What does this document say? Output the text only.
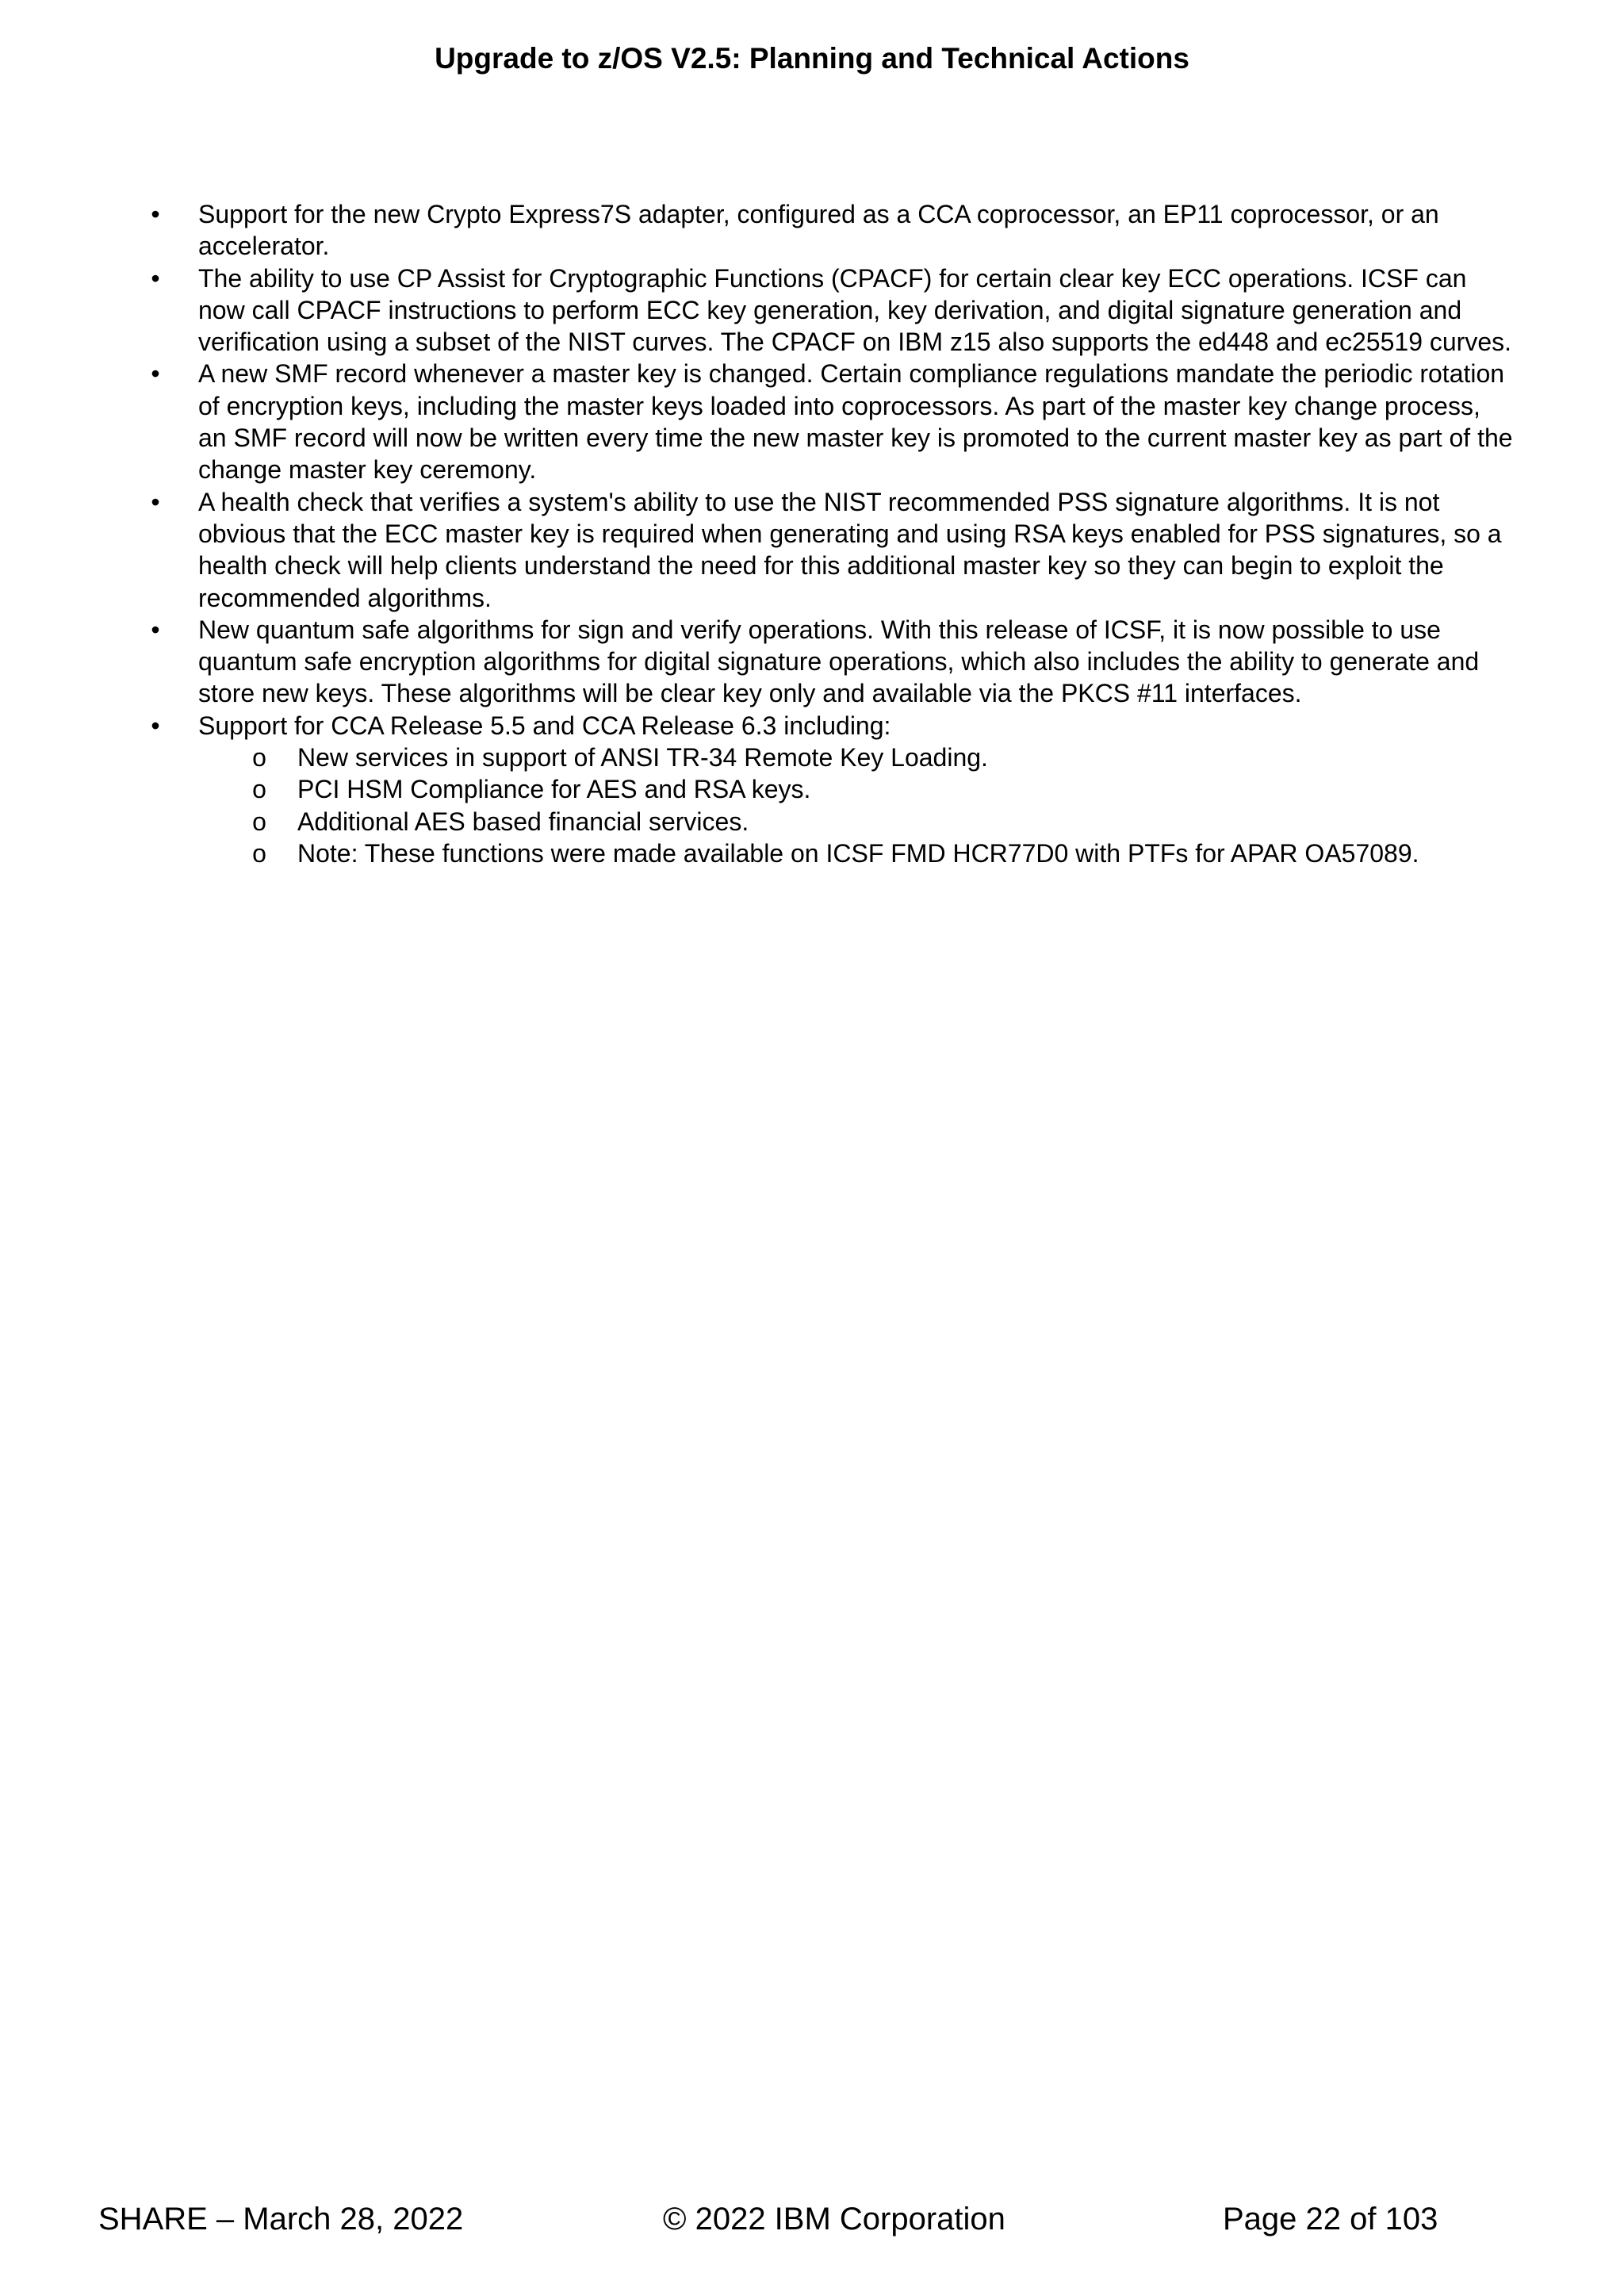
Upgrade to z/OS V2.5: Planning and Technical Actions
• Support for the new Crypto Express7S adapter, configured as a CCA coprocessor, an EP11 coprocessor, or an accelerator.
• The ability to use CP Assist for Cryptographic Functions (CPACF) for certain clear key ECC operations. ICSF can now call CPACF instructions to perform ECC key generation, key derivation, and digital signature generation and verification using a subset of the NIST curves. The CPACF on IBM z15 also supports the ed448 and ec25519 curves.
• A new SMF record whenever a master key is changed. Certain compliance regulations mandate the periodic rotation of encryption keys, including the master keys loaded into coprocessors. As part of the master key change process, an SMF record will now be written every time the new master key is promoted to the current master key as part of the change master key ceremony.
• A health check that verifies a system's ability to use the NIST recommended PSS signature algorithms. It is not obvious that the ECC master key is required when generating and using RSA keys enabled for PSS signatures, so a health check will help clients understand the need for this additional master key so they can begin to exploit the recommended algorithms.
• New quantum safe algorithms for sign and verify operations. With this release of ICSF, it is now possible to use quantum safe encryption algorithms for digital signature operations, which also includes the ability to generate and store new keys. These algorithms will be clear key only and available via the PKCS #11 interfaces.
• Support for CCA Release 5.5 and CCA Release 6.3 including:
o New services in support of ANSI TR-34 Remote Key Loading.
o PCI HSM Compliance for AES and RSA keys.
o Additional AES based financial services.
o Note: These functions were made available on ICSF FMD HCR77D0 with PTFs for APAR OA57089.
SHARE – March 28, 2022	© 2022 IBM Corporation	Page 22 of 103
